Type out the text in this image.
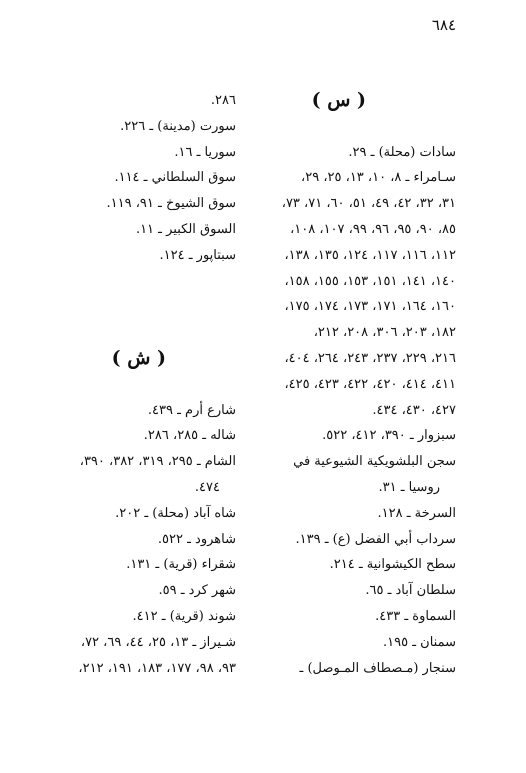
٦٨٤
( س )
سادات (محلة) ـ ٢٩.
سـامراء ـ ٨، ١٠، ١٣، ٢٥، ٢٩،
٣١، ٣٢، ٤٢، ٤٩، ٥١، ٦٠، ٧١، ٧٣،
٨٥، ٩٠، ٩٥، ٩٦، ٩٩، ١٠٧، ١٠٨،
١١٢، ١١٦، ١١٧، ١٢٤، ١٣٥، ١٣٨،
١٤٠، ١٤١، ١٥١، ١٥٣، ١٥٥، ١٥٨،
١٦٠، ١٦٤، ١٧١، ١٧٣، ١٧٤، ١٧٥،
١٨٢، ٢٠٣، ٣٠٦، ٢٠٨، ٢١٢،
٢١٦، ٢٢٩، ٢٣٧، ٢٤٣، ٢٦٤، ٤٠٤،
٤١١، ٤١٤، ٤٢٠، ٤٢٢، ٤٢٣، ٤٢٥،
٤٢٧، ٤٣٠، ٤٣٤.
سبزوار ـ ٣٩٠، ٤١٢، ٥٢٢.
سجن البلشويكية الشيوعية في
روسيا ـ ٣١.
السرخة ـ ١٢٨.
سرداب أبي الفضل (ع) ـ ١٣٩.
سطح الكيشوانية ـ ٢١٤.
سلطان آباد ـ ٦٥.
السماوة ـ ٤٣٣.
سمنان ـ ١٩٥.
سنجار (مـصطاف المـوصل) ـ
٢٨٦.
سورت (مدينة) ـ ٢٢٦.
سوريا ـ ١٦.
سوق السلطاني ـ ١١٤.
سوق الشيوخ ـ ٩١، ١١٩.
السوق الكبير ـ ١١.
سبتاپور ـ ١٢٤.
( ش )
شارع أرم ـ ٤٣٩.
شاله ـ ٢٨٥، ٢٨٦.
الشام ـ ٢٩٥، ٣١٩، ٣٨٢، ٣٩٠،
٤٧٤.
شاه آباد (محلة) ـ ٢٠٢.
شاهرود ـ ٥٢٢.
شقراء (قرية) ـ ١٣١.
شهر كرد ـ ٥٩.
شوند (قرية) ـ ٤١٢.
شـيراز ـ ١٣، ٢٥، ٤٤، ٦٩، ٧٢،
٩٣، ٩٨، ١٧٧، ١٨٣، ١٩١، ٢١٢،
